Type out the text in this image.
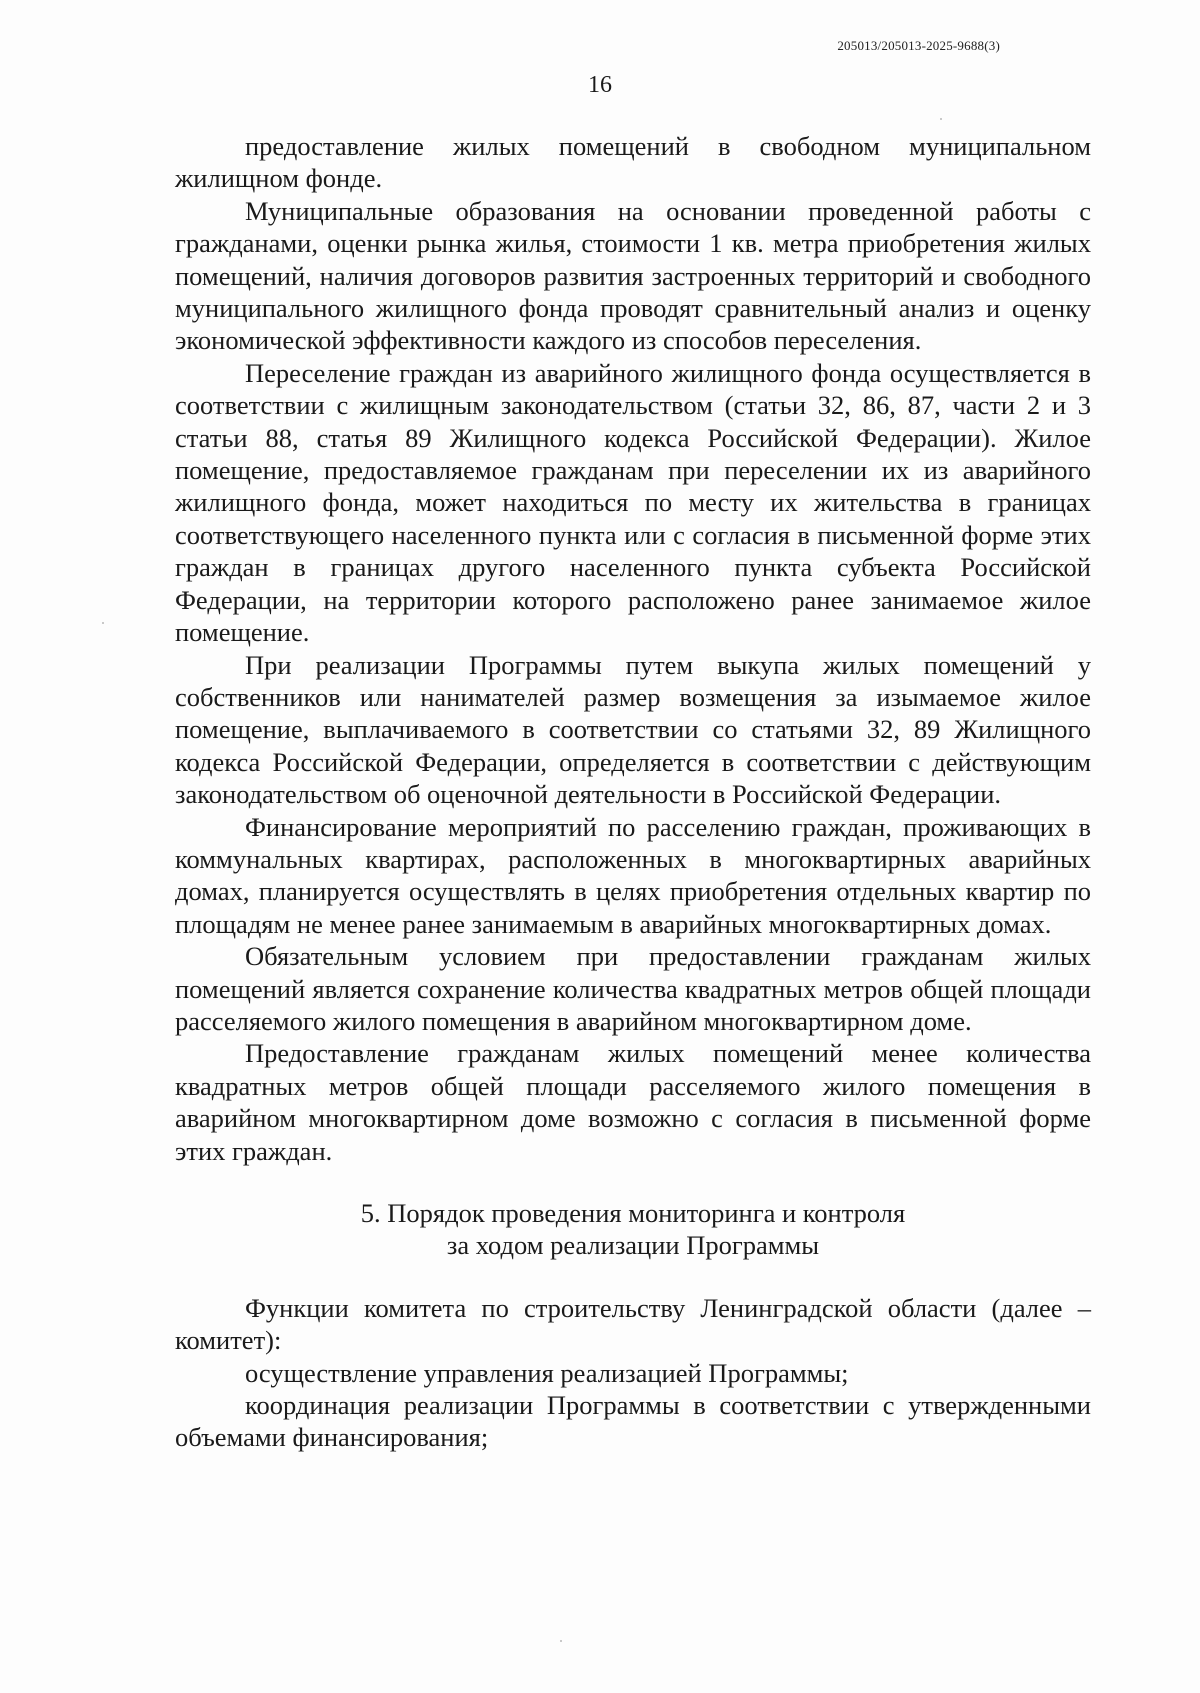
205013/205013-2025-9688(3)
16

предоставление жилых помещений в свободном муниципальном жилищном фонде.

Муниципальные образования на основании проведенной работы с гражданами, оценки рынка жилья, стоимости 1 кв. метра приобретения жилых помещений, наличия договоров развития застроенных территорий и свободного муниципального жилищного фонда проводят сравнительный анализ и оценку экономической эффективности каждого из способов переселения.

Переселение граждан из аварийного жилищного фонда осуществляется в соответствии с жилищным законодательством (статьи 32, 86, 87, части 2 и 3 статьи 88, статья 89 Жилищного кодекса Российской Федерации). Жилое помещение, предоставляемое гражданам при переселении их из аварийного жилищного фонда, может находиться по месту их жительства в границах соответствующего населенного пункта или с согласия в письменной форме этих граждан в границах другого населенного пункта субъекта Российской Федерации, на территории которого расположено ранее занимаемое жилое помещение.

При реализации Программы путем выкупа жилых помещений у собственников или нанимателей размер возмещения за изымаемое жилое помещение, выплачиваемого в соответствии со статьями 32, 89 Жилищного кодекса Российской Федерации, определяется в соответствии с действующим законодательством об оценочной деятельности в Российской Федерации.

Финансирование мероприятий по расселению граждан, проживающих в коммунальных квартирах, расположенных в многоквартирных аварийных домах, планируется осуществлять в целях приобретения отдельных квартир по площадям не менее ранее занимаемым в аварийных многоквартирных домах.

Обязательным условием при предоставлении гражданам жилых помещений является сохранение количества квадратных метров общей площади расселяемого жилого помещения в аварийном многоквартирном доме.

Предоставление гражданам жилых помещений менее количества квадратных метров общей площади расселяемого жилого помещения в аварийном многоквартирном доме возможно с согласия в письменной форме этих граждан.

5. Порядок проведения мониторинга и контроля
за ходом реализации Программы

Функции комитета по строительству Ленинградской области (далее – комитет):

осуществление управления реализацией Программы;

координация реализации Программы в соответствии с утвержденными объемами финансирования;
